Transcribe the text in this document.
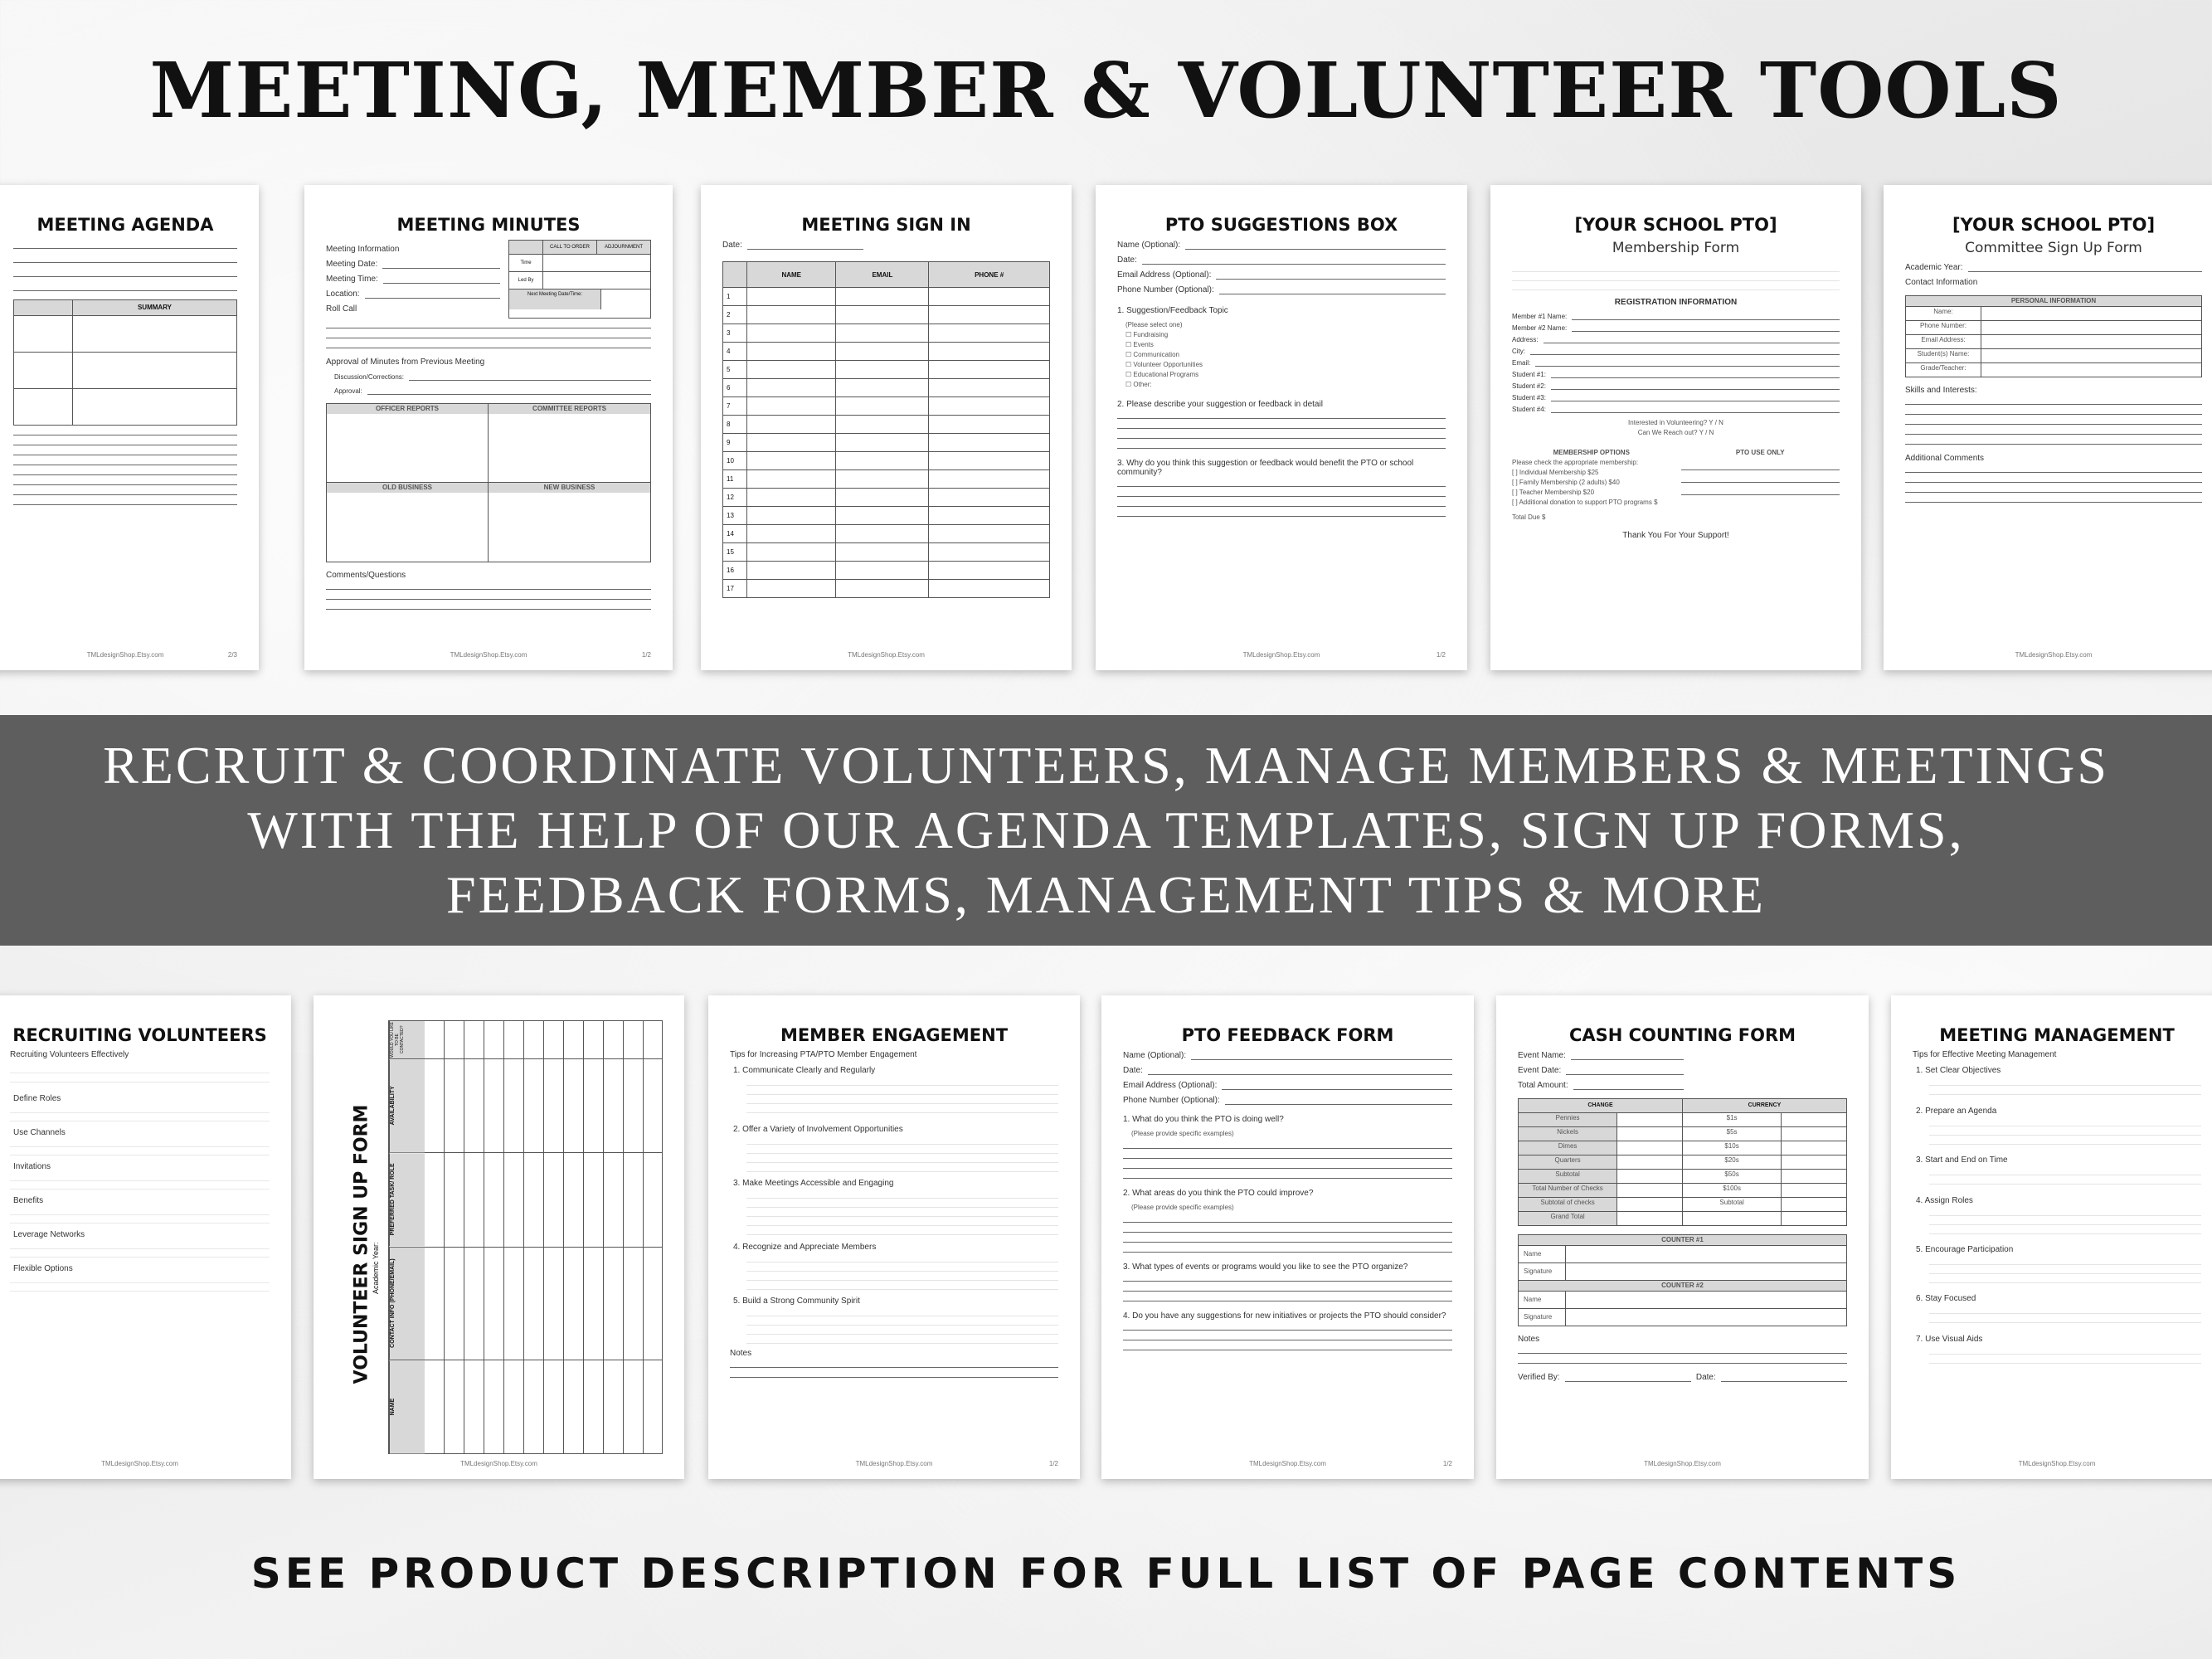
MEETING, MEMBER & VOLUNTEER TOOLS
MEETING AGENDA
SUMMARY
TMLdesignShop.Etsy.com	2/3
MEETING MINUTES
Meeting Information
Meeting Date:
Meeting Time:
Location:
Roll Call
CALL TO ORDER	ADJOURNMENT
Time
Led By
Next Meeting Date/Time:
Approval of Minutes from Previous Meeting
Discussion/Corrections:
Approval:
OFFICER REPORTS	COMMITTEE REPORTS
OLD BUSINESS	NEW BUSINESS
Comments/Questions
TMLdesignShop.Etsy.com	1/2
MEETING SIGN IN
Date:
	NAME	EMAIL	PHONE #
1			
2			
3			
4			
5			
6			
7			
8			
9			
10			
11			
12			
13			
14			
15			
16			
17			
TMLdesignShop.Etsy.com
PTO SUGGESTIONS BOX
Name (Optional):
Date:
Email Address (Optional):
Phone Number (Optional):
1. Suggestion/Feedback Topic
(Please select one)
☐ Fundraising
☐ Events
☐ Communication
☐ Volunteer Opportunities
☐ Educational Programs
☐ Other:
2. Please describe your suggestion or feedback in detail
3. Why do you think this suggestion or feedback would benefit the PTO or school community?
TMLdesignShop.Etsy.com	1/2
[YOUR SCHOOL PTO]
Membership Form
REGISTRATION INFORMATION
Member #1 Name:
Member #2 Name:
Address:
City:
Email:
Student #1:
Student #2:
Student #3:
Student #4:
Interested in Volunteering? Y / N
Can We Reach out? Y / N
MEMBERSHIP OPTIONS
Please check the appropriate membership:
[ ] Individual Membership $25
[ ] Family Membership (2 adults) $40
[ ] Teacher Membership $20
[ ] Additional donation to support PTO programs $
Total Due $
PTO USE ONLY
Thank You For Your Support!
[YOUR SCHOOL PTO]
Committee Sign Up Form
Academic Year:
Contact Information
PERSONAL INFORMATION
Name:
Phone Number:
Email Address:
Student(s) Name:
Grade/Teacher:
Skills and Interests:
Additional Comments
TMLdesignShop.Etsy.com
RECRUIT & COORDINATE VOLUNTEERS, MANAGE MEMBERS & MEETINGS
WITH THE HELP OF OUR AGENDA TEMPLATES, SIGN UP FORMS,
FEEDBACK FORMS, MANAGEMENT TIPS & MORE
RECRUITING VOLUNTEERS
Recruiting Volunteers Effectively
Define Roles
Use Channels
Invitations
Benefits
Leverage Networks
Flexible Options
TMLdesignShop.Etsy.com
VOLUNTEER SIGN UP FORM Academic Year:
WOULD YOU LIKE TO BE CONTACTED?
AVAILABILITY
PREFERRED TASK/ ROLE
CONTACT INFO (PHONE/EMAIL)
NAME
TMLdesignShop.Etsy.com
MEMBER ENGAGEMENT
Tips for Increasing PTA/PTO Member Engagement
1. Communicate Clearly and Regularly
2. Offer a Variety of Involvement Opportunities
3. Make Meetings Accessible and Engaging
4. Recognize and Appreciate Members
5. Build a Strong Community Spirit
Notes
TMLdesignShop.Etsy.com	1/2
PTO FEEDBACK FORM
Name (Optional):
Date:
Email Address (Optional):
Phone Number (Optional):
1. What do you think the PTO is doing well?
(Please provide specific examples)
2. What areas do you think the PTO could improve?
(Please provide specific examples)
3. What types of events or programs would you like to see the PTO organize?
4. Do you have any suggestions for new initiatives or projects the PTO should consider?
TMLdesignShop.Etsy.com	1/2
CASH COUNTING FORM
Event Name:
Event Date:
Total Amount:
CHANGE	CURRENCY
Pennies	$1s
Nickels	$5s
Dimes	$10s
Quarters	$20s
Subtotal	$50s
Total Number of Checks	$100s
Subtotal of checks	Subtotal
Grand Total
COUNTER #1
Name
Signature
COUNTER #2
Name
Signature
Notes
Verified By:	Date:
TMLdesignShop.Etsy.com
MEETING MANAGEMENT
Tips for Effective Meeting Management
1. Set Clear Objectives
2. Prepare an Agenda
3. Start and End on Time
4. Assign Roles
5. Encourage Participation
6. Stay Focused
7. Use Visual Aids
TMLdesignShop.Etsy.com
SEE PRODUCT DESCRIPTION FOR FULL LIST OF PAGE CONTENTS
